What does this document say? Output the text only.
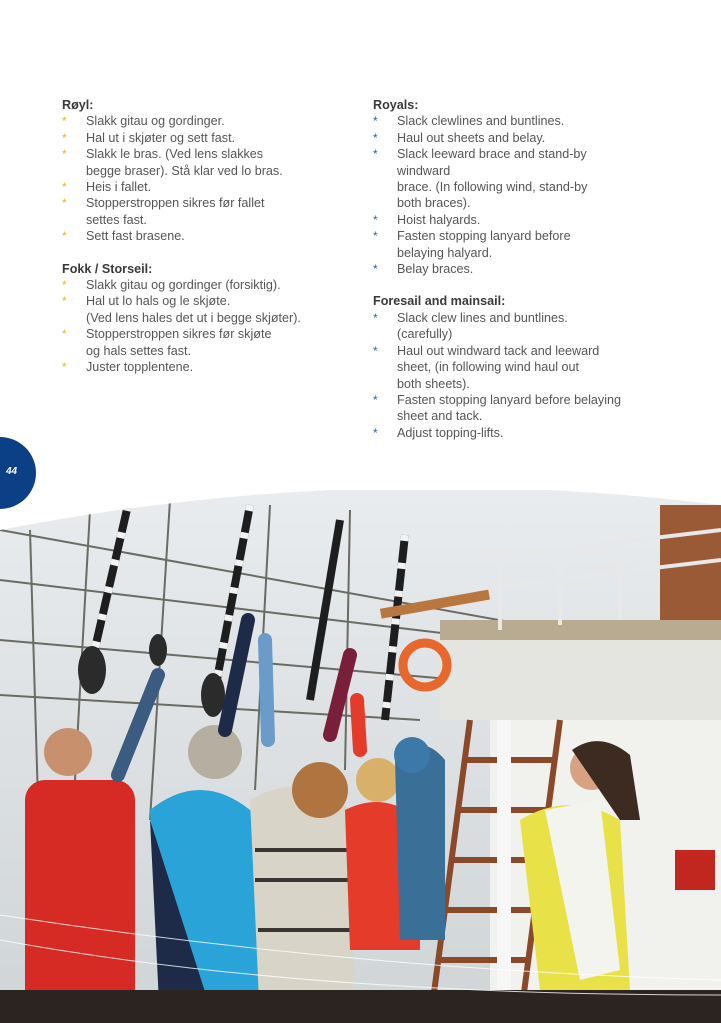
Røyl:

* Slakk gitau og gordinger.
* Hal ut i skjøter og sett fast.
* Slakk le bras. (Ved lens slakkes
begge braser). Stå klar ved lo bras.
* Heis i fallet.
* Stopperstroppen sikres før fallet
settes fast.
* Sett fast brasene.

Fokk / Storseil:

* Slakk gitau og gordinger (forsiktig).
* Hal ut lo hals og le skjøte.
(Ved lens hales det ut i begge skjøter).
* Stopperstroppen sikres før skjøte
og hals settes fast.
* Juster topplentene.

Royals:

* Slack clewlines and buntlines.
* Haul out sheets and belay.
* Slack leeward brace and stand-by
windward
brace. (In following wind, stand-by
both braces).
* Hoist halyards.
* Fasten stopping lanyard before
belaying halyard.
* Belay braces.

Foresail and mainsail:

* Slack clew lines and buntlines.
(carefully)
* Haul out windward tack and leeward
sheet, (in following wind haul out
both sheets).
* Fasten stopping lanyard before belaying
sheet and tack.
* Adjust topping-lifts.
44
